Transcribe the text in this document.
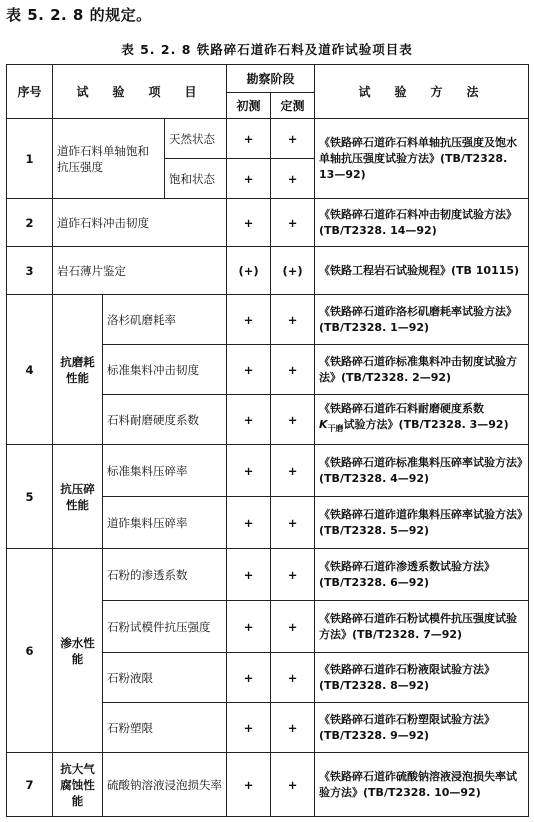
表 5. 2. 8 的规定。
表 5. 2. 8 铁路碎石道砟石料及道砟试验项目表
序号	试　验　项　目			勘察阶段		试　验　方　法
				初测	定测	
1	道砟石料单轴饱和抗压强度		天然状态	+	+	《铁路碎石道砟石料单轴抗压强度及饱水单轴抗压强度试验方法》(TB/T2328. 13—92)
			饱和状态	+	+	
2	道砟石料冲击韧度			+	+	《铁路碎石道砟石料冲击韧度试验方法》(TB/T2328. 14—92)
3	岩石薄片鉴定			(+)	(+)	《铁路工程岩石试验规程》(TB 10115)
4	抗磨耗性能	洛杉矶磨耗率		+	+	《铁路碎石道砟洛杉矶磨耗率试验方法》(TB/T2328. 1—92)
		标准集料冲击韧度		+	+	《铁路碎石道砟标准集料冲击韧度试验方法》(TB/T2328. 2—92)
		石料耐磨硬度系数		+	+	《铁路碎石道砟石料耐磨硬度系数
$K_{干磨}$试验方法》(TB/T2328. 3—92)
5	抗压碎性能	标准集料压碎率		+	+	《铁路碎石道砟标准集料压碎率试验方法》(TB/T2328. 4—92)
		道砟集料压碎率		+	+	《铁路碎石道砟道砟集料压碎率试验方法》(TB/T2328. 5—92)
6	渗水性能	石粉的渗透系数		+	+	《铁路碎石道砟渗透系数试验方法》(TB/T2328. 6—92)
		石粉试模件抗压强度		+	+	《铁路碎石道砟石粉试模件抗压强度试验方法》(TB/T2328. 7—92)
		石粉液限		+	+	《铁路碎石道砟石粉液限试验方法》(TB/T2328. 8—92)
		石粉塑限		+	+	《铁路碎石道砟石粉塑限试验方法》(TB/T2328. 9—92)
7	抗大气腐蚀性能	硫酸钠溶液浸泡损失率		+	+	《铁路碎石道砟硫酸钠溶液浸泡损失率试验方法》(TB/T2328. 10—92)
